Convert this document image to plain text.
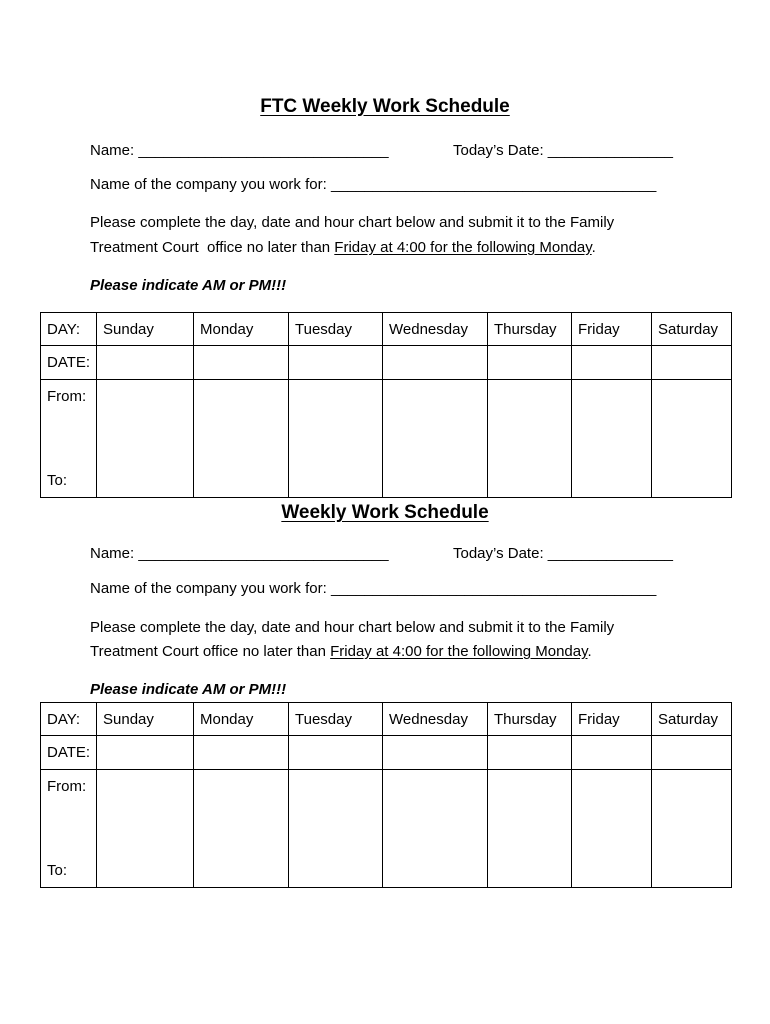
FTC Weekly Work Schedule
Name: ______________________________	Today’s Date: _______________
Name of the company you work for: _______________________________________
Please complete the day, date and hour chart below and submit it to the Family
Treatment Court  office no later than Friday at 4:00 for the following Monday.
Please indicate AM or PM!!!
DAY:	Sunday	Monday	Tuesday	Wednesday	Thursday	Friday	Saturday
DATE:							

From:
To:							

Weekly Work Schedule
Name: ______________________________	Today’s Date: _______________
Name of the company you work for: _______________________________________
Please complete the day, date and hour chart below and submit it to the Family
Treatment Court office no later than Friday at 4:00 for the following Monday.
Please indicate AM or PM!!!
DAY:	Sunday	Monday	Tuesday	Wednesday	Thursday	Friday	Saturday
DATE:							

From:
To:							
